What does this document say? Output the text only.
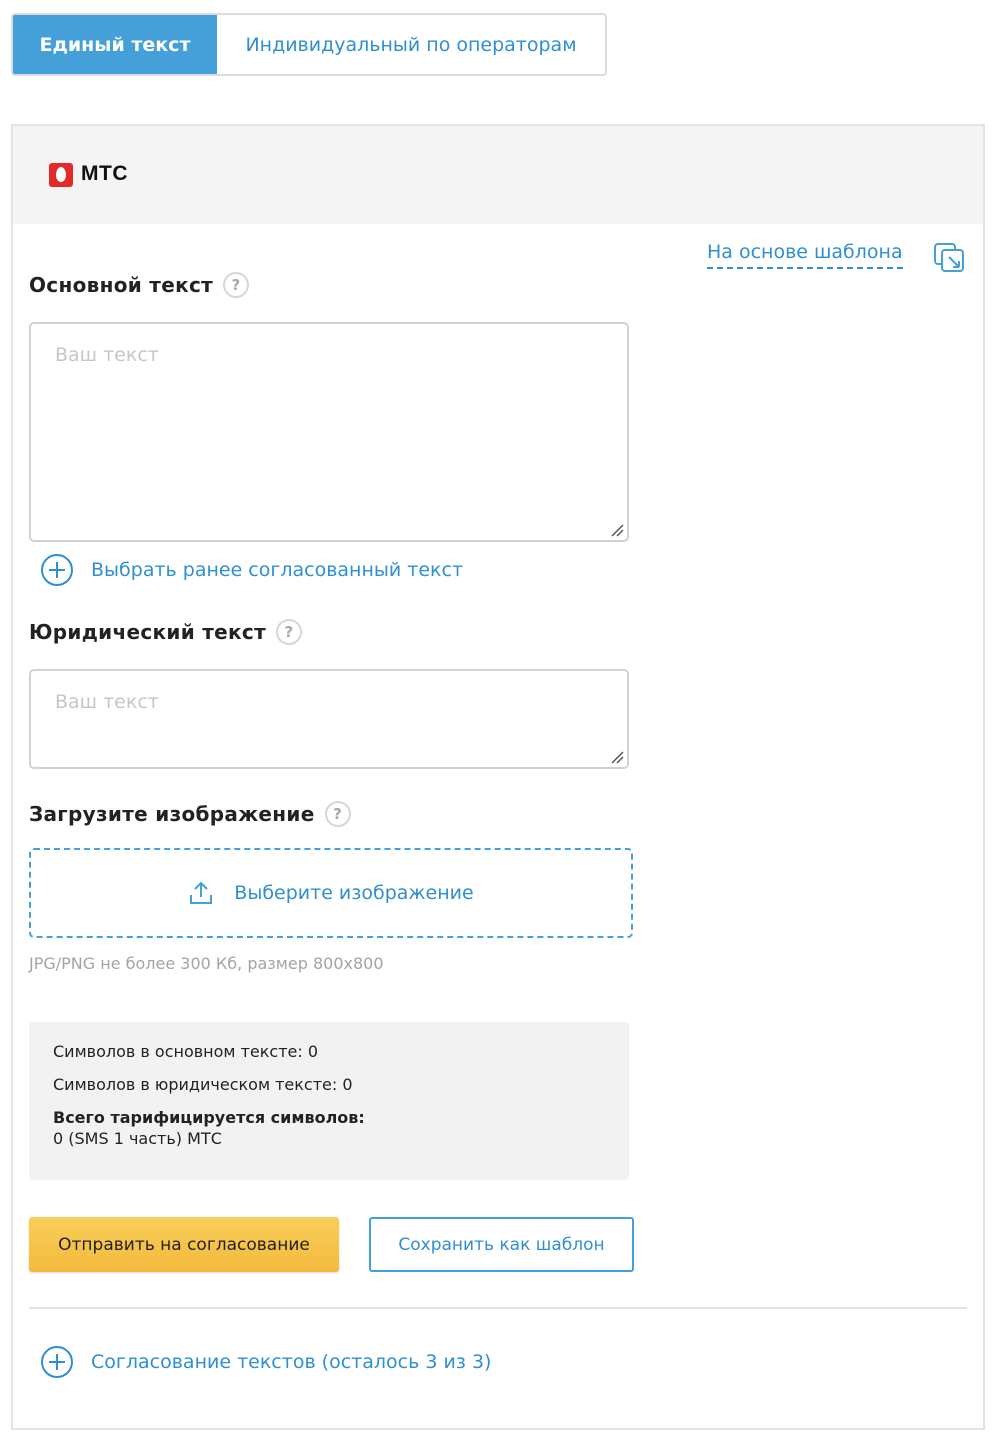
Единый текст	Индивидуальный по операторам
МТС
На основе шаблона
Основной текст	?
Ваш текст
Выбрать ранее согласованный текст
Юридический текст	?
Ваш текст
Загрузите изображение	?
Выберите изображение
JPG/PNG не более 300 Кб, размер 800x800
Символов в основном тексте: 0
Символов в юридическом тексте: 0
Всего тарифицируется символов:
0 (SMS 1 часть) МТС
Отправить на согласование	Сохранить как шаблон
Согласование текстов (осталось 3 из 3)
